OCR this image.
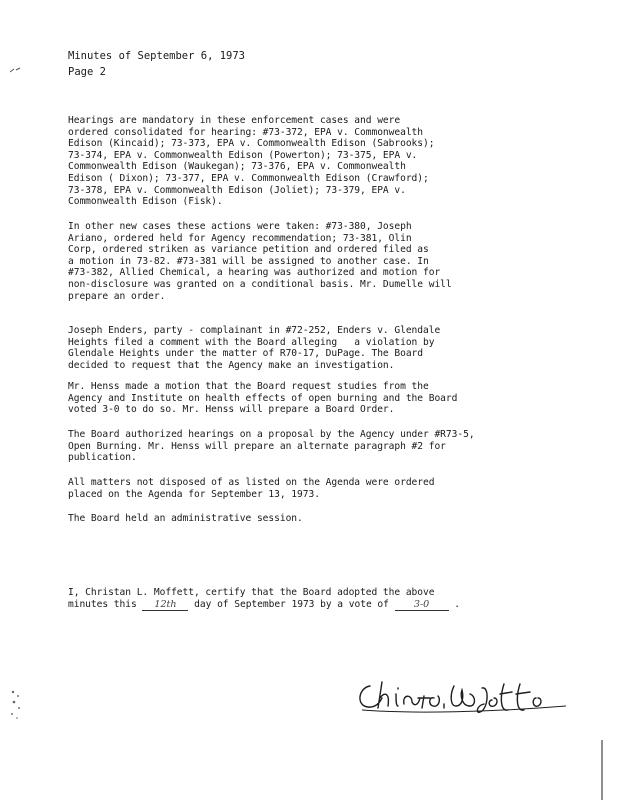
Minutes of September 6, 1973
Page 2
Hearings are mandatory in these enforcement cases and were
ordered consolidated for hearing: #73-372, EPA v. Commonwealth
Edison (Kincaid); 73-373, EPA v. Commonwealth Edison (Sabrooks);
73-374, EPA v. Commonwealth Edison (Powerton); 73-375, EPA v.
Commonwealth Edison (Waukegan); 73-376, EPA v. Commonwealth
Edison ( Dixon); 73-377, EPA v. Commonwealth Edison (Crawford);
73-378, EPA v. Commonwealth Edison (Joliet); 73-379, EPA v.
Commonwealth Edison (Fisk).
In other new cases these actions were taken: #73-380, Joseph
Ariano, ordered held for Agency recommendation; 73-381, Olin
Corp, ordered striken as variance petition and ordered filed as
a motion in 73-82. #73-381 will be assigned to another case. In
#73-382, Allied Chemical, a hearing was authorized and motion for
non-disclosure was granted on a conditional basis. Mr. Dumelle will
prepare an order.
Joseph Enders, party - complainant in #72-252, Enders v. Glendale
Heights filed a comment with the Board alleging   a violation by
Glendale Heights under the matter of R70-17, DuPage. The Board
decided to request that the Agency make an investigation.
Mr. Henss made a motion that the Board request studies from the
Agency and Institute on health effects of open burning and the Board
voted 3-0 to do so. Mr. Henss will prepare a Board Order.
The Board authorized hearings on a proposal by the Agency under #R73-5,
Open Burning. Mr. Henss will prepare an alternate paragraph #2 for
publication.
All matters not disposed of as listed on the Agenda were ordered
placed on the Agenda for September 13, 1973.
The Board held an administrative session.
I, Christan L. Moffett, certify that the Board adopted the above
minutes this 12th day of September 1973 by a vote of 3-0 .
